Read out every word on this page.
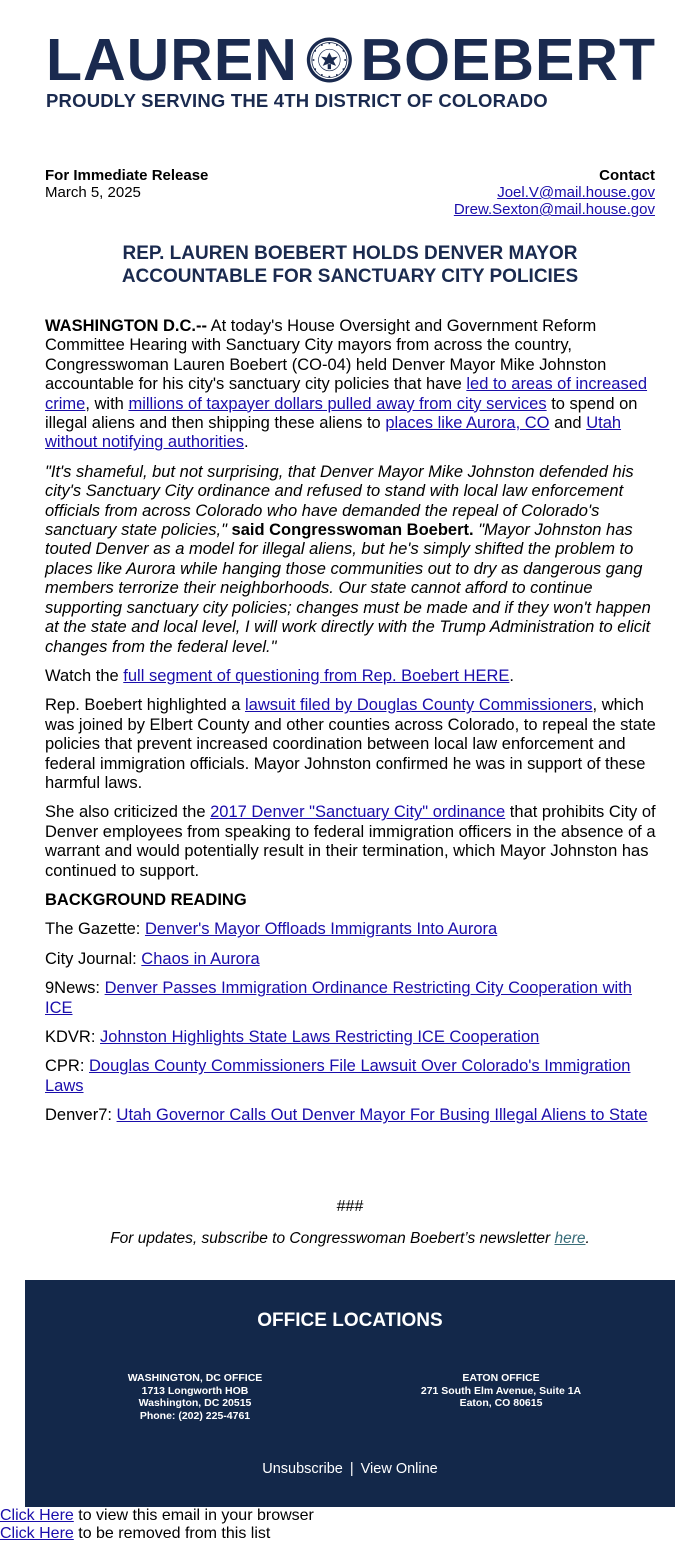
LAUREN BOEBERT
PROUDLY SERVING THE 4TH DISTRICT OF COLORADO
For Immediate Release
March 5, 2025
Contact
Joel.V@mail.house.gov
Drew.Sexton@mail.house.gov
REP. LAUREN BOEBERT HOLDS DENVER MAYOR
ACCOUNTABLE FOR SANCTUARY CITY POLICIES

WASHINGTON D.C.-- At today's House Oversight and Government Reform Committee Hearing with Sanctuary City mayors from across the country, Congresswoman Lauren Boebert (CO-04) held Denver Mayor Mike Johnston accountable for his city's sanctuary city policies that have led to areas of increased crime, with millions of taxpayer dollars pulled away from city services to spend on illegal aliens and then shipping these aliens to places like Aurora, CO and Utah without notifying authorities.

"It's shameful, but not surprising, that Denver Mayor Mike Johnston defended his city's Sanctuary City ordinance and refused to stand with local law enforcement officials from across Colorado who have demanded the repeal of Colorado's sanctuary state policies," said Congresswoman Boebert. "Mayor Johnston has touted Denver as a model for illegal aliens, but he's simply shifted the problem to places like Aurora while hanging those communities out to dry as dangerous gang members terrorize their neighborhoods. Our state cannot afford to continue supporting sanctuary city policies; changes must be made and if they won't happen at the state and local level, I will work directly with the Trump Administration to elicit changes from the federal level."

Watch the full segment of questioning from Rep. Boebert HERE.

Rep. Boebert highlighted a lawsuit filed by Douglas County Commissioners, which was joined by Elbert County and other counties across Colorado, to repeal the state policies that prevent increased coordination between local law enforcement and federal immigration officials. Mayor Johnston confirmed he was in support of these harmful laws.

She also criticized the 2017 Denver "Sanctuary City" ordinance that prohibits City of Denver employees from speaking to federal immigration officers in the absence of a warrant and would potentially result in their termination, which Mayor Johnston has continued to support.

BACKGROUND READING
The Gazette: Denver's Mayor Offloads Immigrants Into Aurora
City Journal: Chaos in Aurora
9News: Denver Passes Immigration Ordinance Restricting City Cooperation with ICE
KDVR: Johnston Highlights State Laws Restricting ICE Cooperation
CPR: Douglas County Commissioners File Lawsuit Over Colorado's Immigration Laws
Denver7: Utah Governor Calls Out Denver Mayor For Busing Illegal Aliens to State
###
For updates, subscribe to Congresswoman Boebert’s newsletter here.
OFFICE LOCATIONS
WASHINGTON, DC OFFICE
1713 Longworth HOB
Washington, DC 20515
Phone: (202) 225-4761
EATON OFFICE
271 South Elm Avenue, Suite 1A
Eaton, CO 80615
Unsubscribe | View Online
Click Here to view this email in your browser
Click Here to be removed from this list
